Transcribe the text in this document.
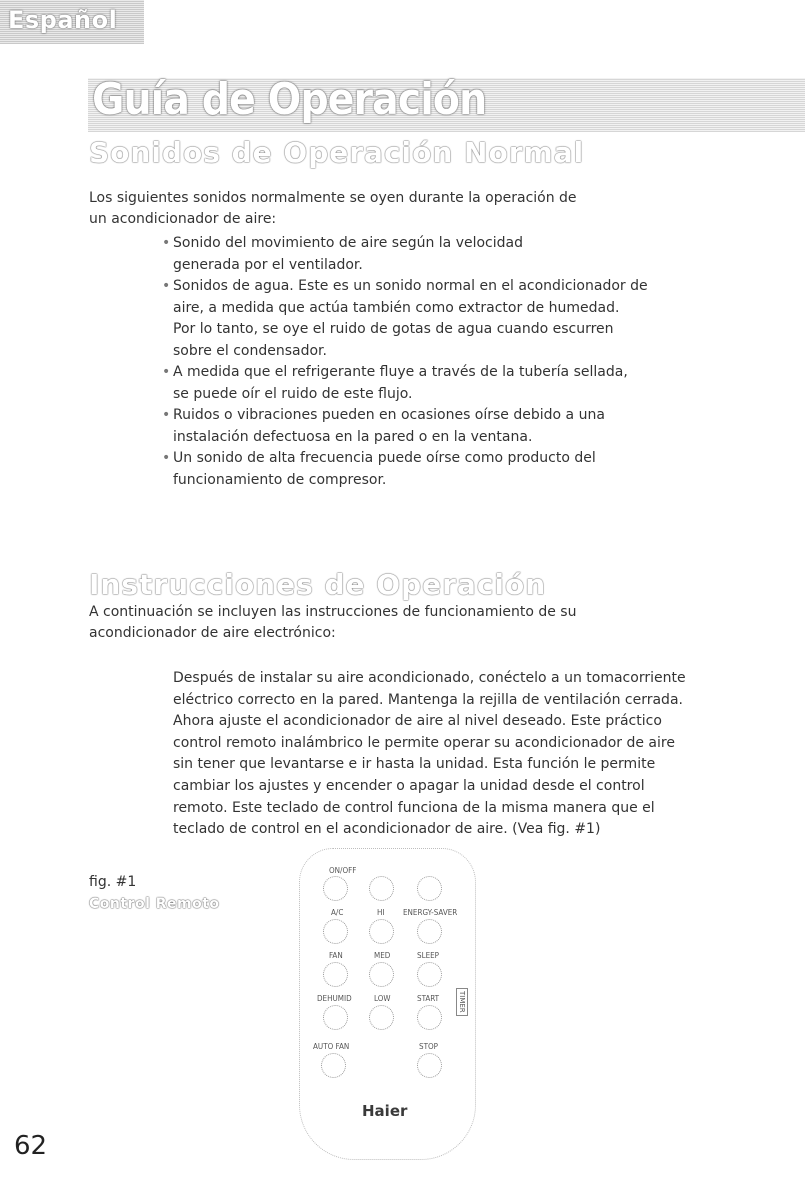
Español
Guía de Operación
Sonidos de Operación Normal

Los siguientes sonidos normalmente se oyen durante la operación de

un acondicionador de aire:

• Sonido del movimiento de aire según la velocidad
generada por el ventilador.
• Sonidos de agua. Este es un sonido normal en el acondicionador de
aire, a medida que actúa también como extractor de humedad.
Por lo tanto, se oye el ruido de gotas de agua cuando escurren
sobre el condensador.
• A medida que el refrigerante fluye a través de la tubería sellada,
se puede oír el ruido de este flujo.
• Ruidos o vibraciones pueden en ocasiones oírse debido a una
instalación defectuosa en la pared o en la ventana.
• Un sonido de alta frecuencia puede oírse como producto del
funcionamiento de compresor.
Instrucciones de Operación

A continuación se incluyen las instrucciones de funcionamiento de su

acondicionador de aire electrónico:

Después de instalar su aire acondicionado, conéctelo a un tomacorriente

eléctrico correcto en la pared. Mantenga la rejilla de ventilación cerrada.

Ahora ajuste el acondicionador de aire al nivel deseado. Este práctico

control remoto inalámbrico le permite operar su acondicionador de aire

sin tener que levantarse e ir hasta la unidad. Esta función le permite

cambiar los ajustes y encender o apagar la unidad desde el control

remoto. Este teclado de control funciona de la misma manera que el

teclado de control en el acondicionador de aire. (Vea fig. #1)

fig. #1
Control Remoto
ON/OFF
A/C	HI ENERGY-SAVER
FAN	MED	SLEEP
DEHUMID	LOW	START
AUTO FAN	STOP
TIMER
Haier
62
